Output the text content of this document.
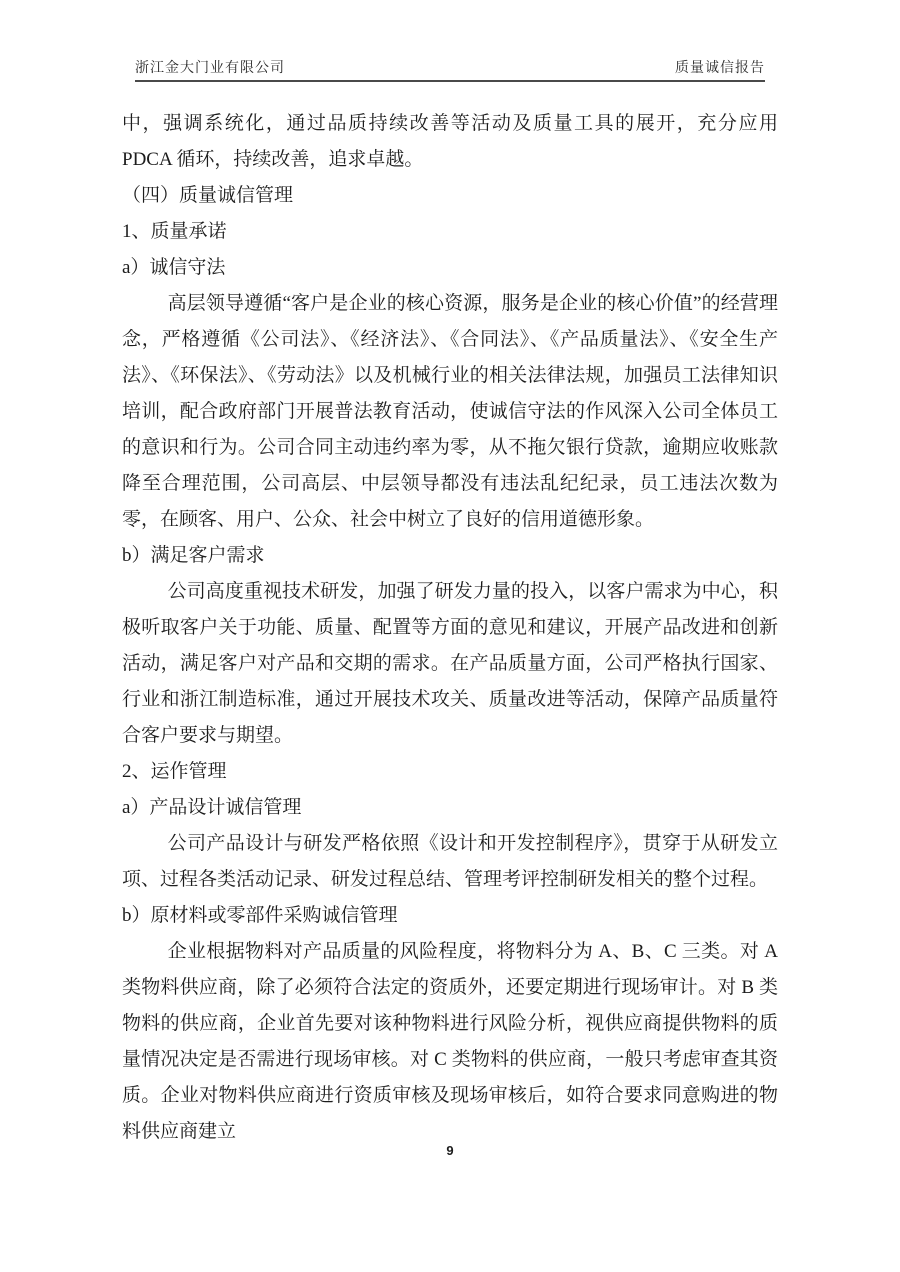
浙江金大门业有限公司	质量诚信报告

中，强调系统化，通过品质持续改善等活动及质量工具的展开，充分应用 PDCA 循环，持续改善，追求卓越。

（四）质量诚信管理

1、质量承诺

a）诚信守法

高层领导遵循“客户是企业的核心资源，服务是企业的核心价值”的经营理念，严格遵循《公司法》、《经济法》、《合同法》、《产品质量法》、《安全生产法》、《环保法》、《劳动法》以及机械行业的相关法律法规，加强员工法律知识培训，配合政府部门开展普法教育活动，使诚信守法的作风深入公司全体员工的意识和行为。公司合同主动违约率为零，从不拖欠银行贷款，逾期应收账款降至合理范围，公司高层、中层领导都没有违法乱纪纪录，员工违法次数为零，在顾客、用户、公众、社会中树立了良好的信用道德形象。

b）满足客户需求

公司高度重视技术研发，加强了研发力量的投入，以客户需求为中心，积极听取客户关于功能、质量、配置等方面的意见和建议，开展产品改进和创新活动，满足客户对产品和交期的需求。在产品质量方面，公司严格执行国家、行业和浙江制造标准，通过开展技术攻关、质量改进等活动，保障产品质量符合客户要求与期望。

2、运作管理

a）产品设计诚信管理

公司产品设计与研发严格依照《设计和开发控制程序》，贯穿于从研发立项、过程各类活动记录、研发过程总结、管理考评控制研发相关的整个过程。

b）原材料或零部件采购诚信管理

企业根据物料对产品质量的风险程度，将物料分为 A、B、C 三类。对 A 类物料供应商，除了必须符合法定的资质外，还要定期进行现场审计。对 B 类物料的供应商，企业首先要对该种物料进行风险分析，视供应商提供物料的质量情况决定是否需进行现场审核。对 C 类物料的供应商，一般只考虑审查其资质。企业对物料供应商进行资质审核及现场审核后，如符合要求同意购进的物料供应商建立

9
